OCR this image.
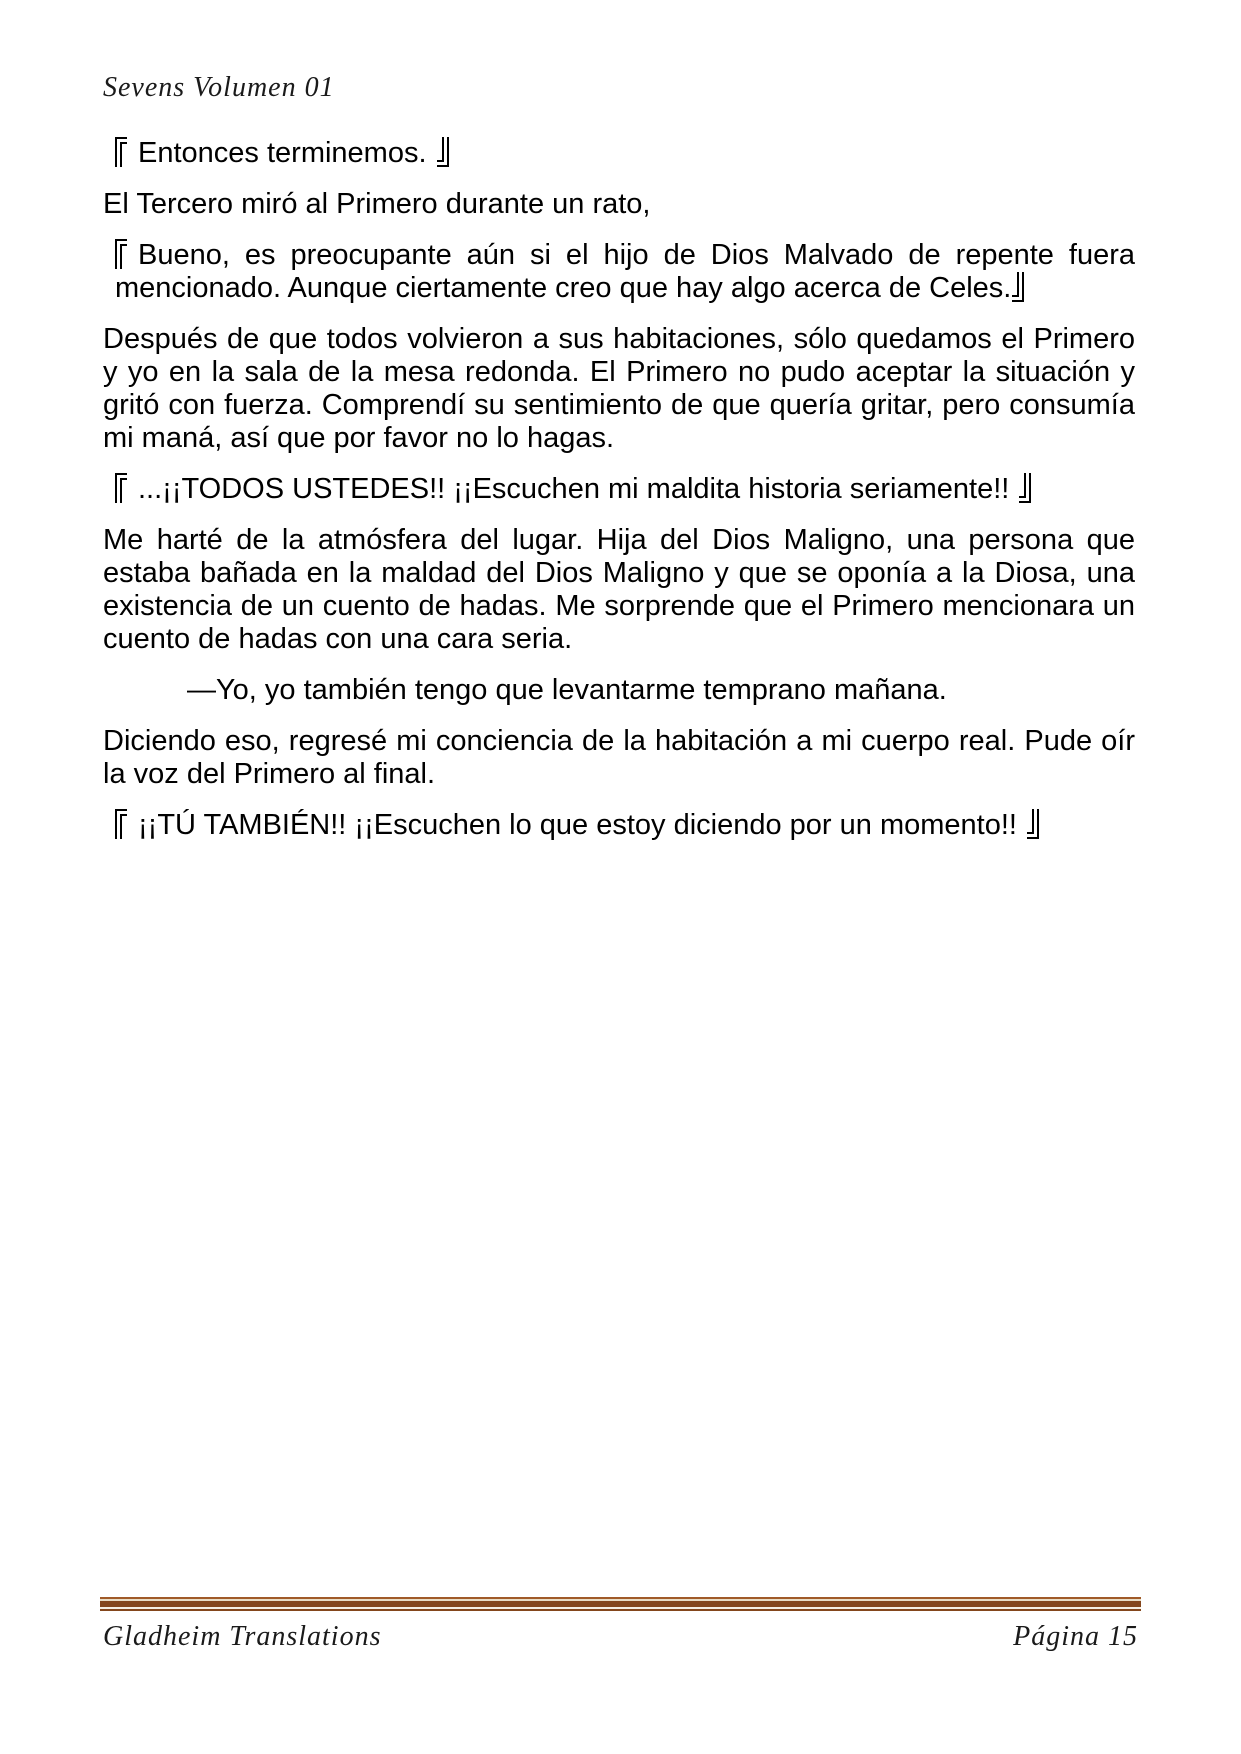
Sevens Volumen 01

Entonces terminemos.

El Tercero miró al Primero durante un rato,

Bueno, es preocupante aún si el hijo de Dios Malvado de repente fuera mencionado. Aunque ciertamente creo que hay algo acerca de Celes.

Después de que todos volvieron a sus habitaciones, sólo quedamos el Primero y yo en la sala de la mesa redonda. El Primero no pudo aceptar la situación y gritó con fuerza. Comprendí su sentimiento de que quería gritar, pero consumía mi maná, así que por favor no lo hagas.

...¡¡TODOS USTEDES!! ¡¡Escuchen mi maldita historia seriamente!!

Me harté de la atmósfera del lugar. Hija del Dios Maligno, una persona que estaba bañada en la maldad del Dios Maligno y que se oponía a la Diosa, una existencia de un cuento de hadas. Me sorprende que el Primero mencionara un cuento de hadas con una cara seria.

—Yo, yo también tengo que levantarme temprano mañana.

Diciendo eso, regresé mi conciencia de la habitación a mi cuerpo real. Pude oír la voz del Primero al final.

¡¡TÚ TAMBIÉN!! ¡¡Escuchen lo que estoy diciendo por un momento!!

Gladheim Translations	Página 15
